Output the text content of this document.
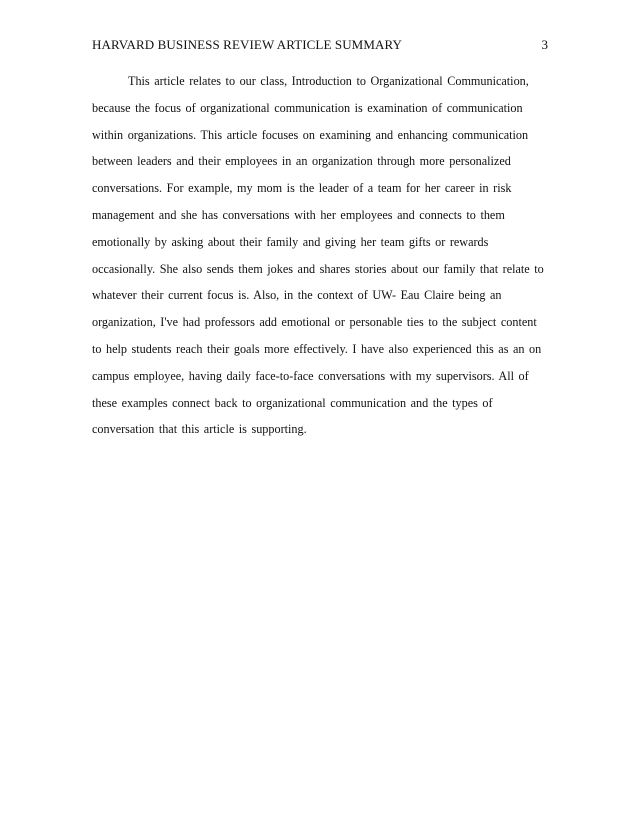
HARVARD BUSINESS REVIEW ARTICLE SUMMARY	3
This article relates to our class, Introduction to Organizational Communication,
because the focus of organizational communication is examination of communication
within organizations. This article focuses on examining and enhancing communication
between leaders and their employees in an organization through more personalized
conversations. For example, my mom is the leader of a team for her career in risk
management and she has conversations with her employees and connects to them
emotionally by asking about their family and giving her team gifts or rewards
occasionally. She also sends them jokes and shares stories about our family that relate to
whatever their current focus is. Also, in the context of UW- Eau Claire being an
organization, I've had professors add emotional or personable ties to the subject content
to help students reach their goals more effectively. I have also experienced this as an on
campus employee, having daily face-to-face conversations with my supervisors. All of
these examples connect back to organizational communication and the types of
conversation that this article is supporting.
